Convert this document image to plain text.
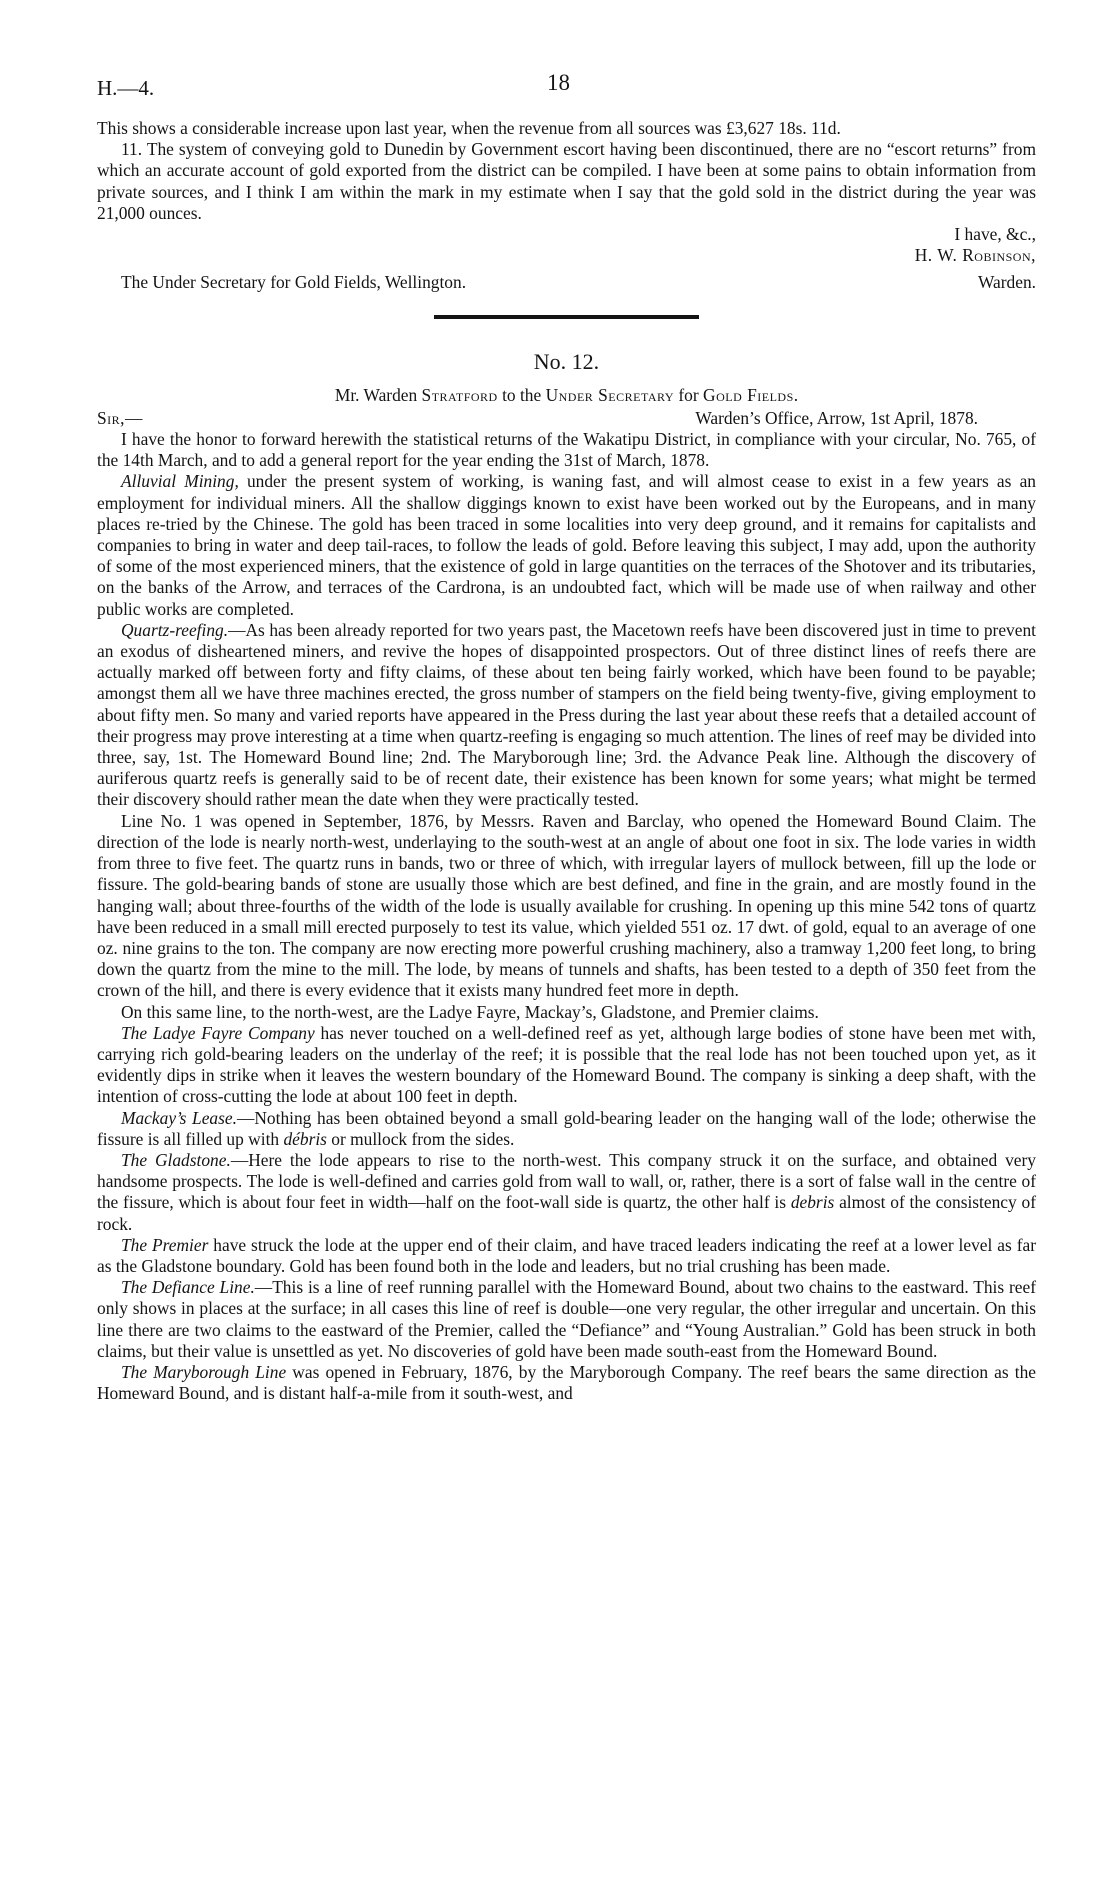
H.—4.	18

This shows a considerable increase upon last year, when the revenue from all sources was £3,627 18s. 11d.

11. The system of conveying gold to Dunedin by Government escort having been discontinued, there are no “escort returns” from which an accurate account of gold exported from the district can be compiled. I have been at some pains to obtain information from private sources, and I think I am within the mark in my estimate when I say that the gold sold in the district during the year was 21,000 ounces.

I have, &c.,
H. W. Robinson,
The Under Secretary for Gold Fields, Wellington.	Warden.
No. 12.
Mr. Warden Stratford to the Under Secretary for Gold Fields.
Sir,—	Warden’s Office, Arrow, 1st April, 1878.

I have the honor to forward herewith the statistical returns of the Wakatipu District, in compliance with your circular, No. 765, of the 14th March, and to add a general report for the year ending the 31st of March, 1878.

Alluvial Mining, under the present system of working, is waning fast, and will almost cease to exist in a few years as an employment for individual miners. All the shallow diggings known to exist have been worked out by the Europeans, and in many places re-tried by the Chinese. The gold has been traced in some localities into very deep ground, and it remains for capitalists and companies to bring in water and deep tail-races, to follow the leads of gold. Before leaving this subject, I may add, upon the authority of some of the most experienced miners, that the existence of gold in large quantities on the terraces of the Shotover and its tributaries, on the banks of the Arrow, and terraces of the Cardrona, is an undoubted fact, which will be made use of when railway and other public works are completed.

Quartz-reefing.—As has been already reported for two years past, the Macetown reefs have been discovered just in time to prevent an exodus of disheartened miners, and revive the hopes of disappointed prospectors. Out of three distinct lines of reefs there are actually marked off between forty and fifty claims, of these about ten being fairly worked, which have been found to be payable; amongst them all we have three machines erected, the gross number of stampers on the field being twenty-five, giving employment to about fifty men. So many and varied reports have appeared in the Press during the last year about these reefs that a detailed account of their progress may prove interesting at a time when quartz-reefing is engaging so much attention. The lines of reef may be divided into three, say, 1st. The Homeward Bound line; 2nd. The Maryborough line; 3rd. the Advance Peak line. Although the discovery of auriferous quartz reefs is generally said to be of recent date, their existence has been known for some years; what might be termed their discovery should rather mean the date when they were practically tested.

Line No. 1 was opened in September, 1876, by Messrs. Raven and Barclay, who opened the Homeward Bound Claim. The direction of the lode is nearly north-west, underlaying to the south-west at an angle of about one foot in six. The lode varies in width from three to five feet. The quartz runs in bands, two or three of which, with irregular layers of mullock between, fill up the lode or fissure. The gold-bearing bands of stone are usually those which are best defined, and fine in the grain, and are mostly found in the hanging wall; about three-fourths of the width of the lode is usually available for crushing. In opening up this mine 542 tons of quartz have been reduced in a small mill erected purposely to test its value, which yielded 551 oz. 17 dwt. of gold, equal to an average of one oz. nine grains to the ton. The company are now erecting more powerful crushing machinery, also a tramway 1,200 feet long, to bring down the quartz from the mine to the mill. The lode, by means of tunnels and shafts, has been tested to a depth of 350 feet from the crown of the hill, and there is every evidence that it exists many hundred feet more in depth.

On this same line, to the north-west, are the Ladye Fayre, Mackay’s, Gladstone, and Premier claims.

The Ladye Fayre Company has never touched on a well-defined reef as yet, although large bodies of stone have been met with, carrying rich gold-bearing leaders on the underlay of the reef; it is possible that the real lode has not been touched upon yet, as it evidently dips in strike when it leaves the western boundary of the Homeward Bound. The company is sinking a deep shaft, with the intention of cross-cutting the lode at about 100 feet in depth.

Mackay’s Lease.—Nothing has been obtained beyond a small gold-bearing leader on the hanging wall of the lode; otherwise the fissure is all filled up with débris or mullock from the sides.

The Gladstone.—Here the lode appears to rise to the north-west. This company struck it on the surface, and obtained very handsome prospects. The lode is well-defined and carries gold from wall to wall, or, rather, there is a sort of false wall in the centre of the fissure, which is about four feet in width—half on the foot-wall side is quartz, the other half is debris almost of the consistency of rock.

The Premier have struck the lode at the upper end of their claim, and have traced leaders indicating the reef at a lower level as far as the Gladstone boundary. Gold has been found both in the lode and leaders, but no trial crushing has been made.

The Defiance Line.—This is a line of reef running parallel with the Homeward Bound, about two chains to the eastward. This reef only shows in places at the surface; in all cases this line of reef is double—one very regular, the other irregular and uncertain. On this line there are two claims to the eastward of the Premier, called the “Defiance” and “Young Australian.” Gold has been struck in both claims, but their value is unsettled as yet. No discoveries of gold have been made south-east from the Homeward Bound.

The Maryborough Line was opened in February, 1876, by the Maryborough Company. The reef bears the same direction as the Homeward Bound, and is distant half-a-mile from it south-west, and
